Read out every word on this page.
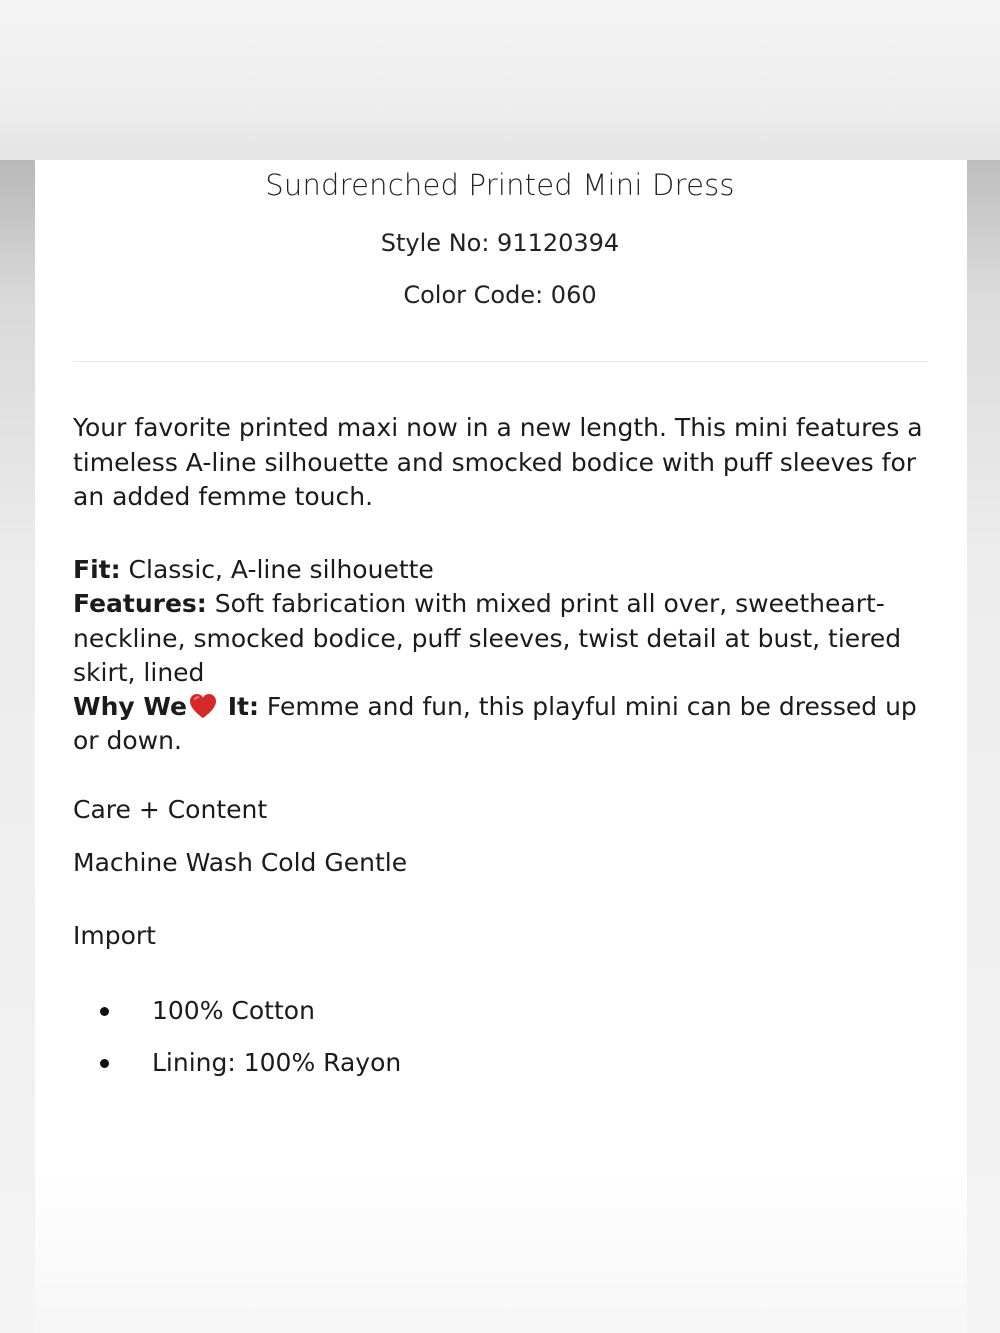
Sundrenched Printed Mini Dress

Style No: 91120394

Color Code: 060

Your favorite printed maxi now in a new length. This mini features a timeless A-line silhouette and smocked bodice with puff sleeves for an added femme touch.

Fit: Classic, A-line silhouette
Features: Soft fabrication with mixed print all over, sweetheart-neckline, smocked bodice, puff sleeves, twist detail at bust, tiered skirt, lined
Why We It: Femme and fun, this playful mini can be dressed up or down.

Care + Content

Machine Wash Cold Gentle

Import

100% Cotton
Lining: 100% Rayon
